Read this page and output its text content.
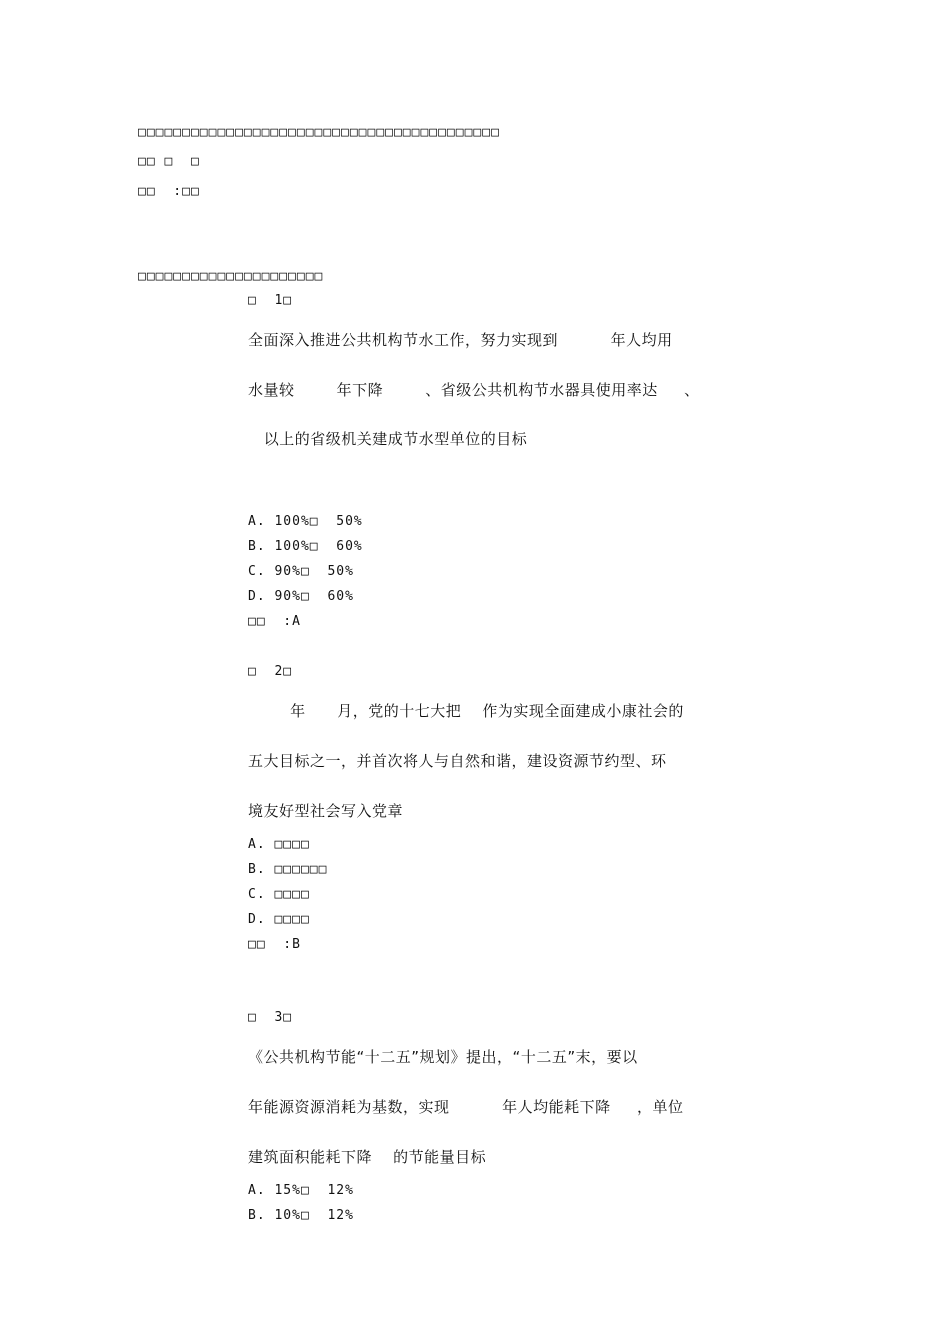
□□□□□□□□□□□□□□□□□□□□□□□□□□□□□□□□□□□□□□□□□
□□ □  □
□□  :□□
□□□□□□□□□□□□□□□□□□□□□
□  1□
全面深入推进公共机构节水工作，努力实现到          年人均用
水量较        年下降        、省级公共机构节水器具使用率达     、
以上的省级机关建成节水型单位的目标
A. 100%□  50%
B. 100%□  60%
C. 90%□  50%
D. 90%□  60%
□□  :A
□  2□
年      月，党的十七大把    作为实现全面建成小康社会的
五大目标之一，并首次将人与自然和谐，建设资源节约型、环
境友好型社会写入党章
A. □□□□
B. □□□□□□
C. □□□□
D. □□□□
□□  :B
□  3□
《公共机构节能“十二五”规划》提出，“十二五”末，要以
年能源资源消耗为基数，实现          年人均能耗下降     ，单位
建筑面积能耗下降    的节能量目标
A. 15%□  12%
B. 10%□  12%
